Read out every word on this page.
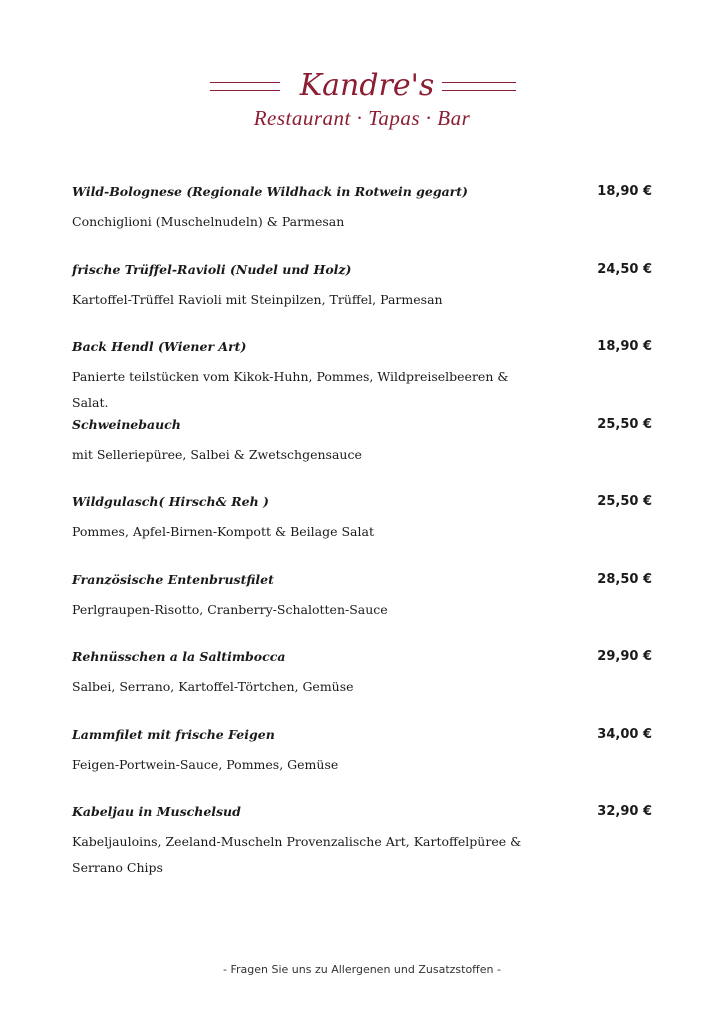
Kandre's
Restaurant · Tapas · Bar
Wild-Bolognese (Regionale Wildhack in Rotwein gegart)	18,90 €
Conchiglioni (Muschelnudeln) & Parmesan
frische Trüffel-Ravioli (Nudel und Holz)	24,50 €
Kartoffel-Trüffel Ravioli mit Steinpilzen, Trüffel, Parmesan
Back Hendl (Wiener Art)	18,90 €
Panierte teilstücken vom Kikok-Huhn, Pommes, Wildpreiselbeeren & Salat.
Schweinebauch	25,50 €
mit Selleriepüree, Salbei & Zwetschgensauce
Wildgulasch( Hirsch& Reh )	25,50 €
Pommes, Apfel-Birnen-Kompott & Beilage Salat
Französische Entenbrustfilet	28,50 €
Perlgraupen-Risotto, Cranberry-Schalotten-Sauce
Rehnüsschen a la Saltimbocca	29,90 €
Salbei, Serrano, Kartoffel-Törtchen, Gemüse
Lammfilet mit frische Feigen	34,00 €
Feigen-Portwein-Sauce, Pommes, Gemüse
Kabeljau in Muschelsud	32,90 €
Kabeljauloins, Zeeland-Muscheln Provenzalische Art, Kartoffelpüree & Serrano Chips
- Fragen Sie uns zu Allergenen und Zusatzstoffen -
